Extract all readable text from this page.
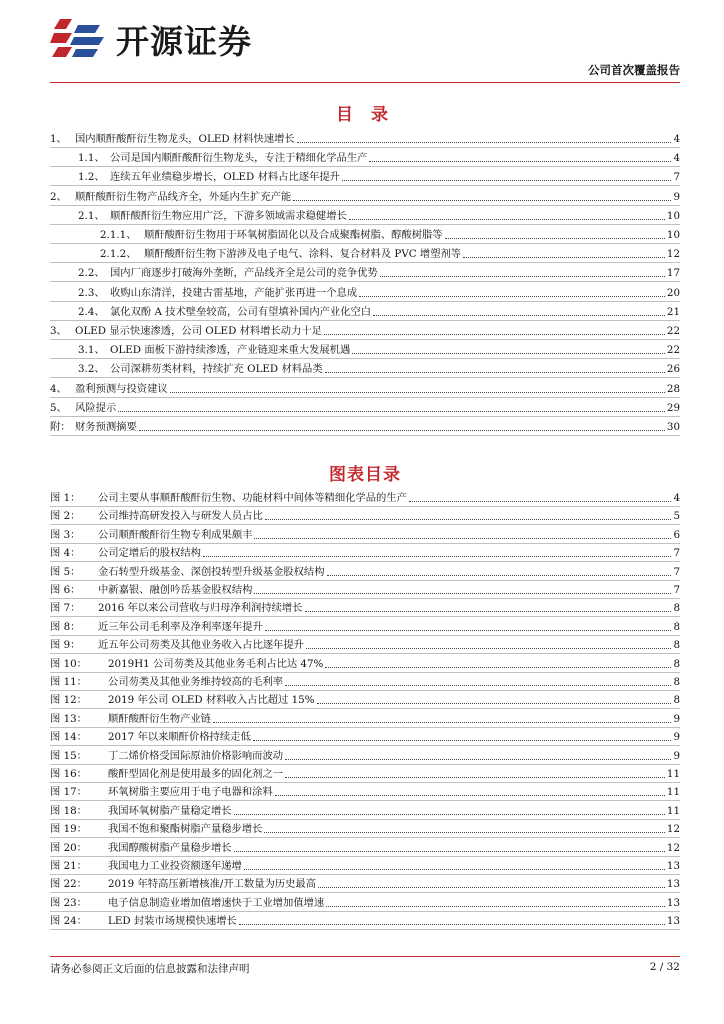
开源证券
公司首次覆盖报告
目 录
1、 国内顺酐酸酐衍生物龙头，OLED 材料快速增长	4
1.1、 公司是国内顺酐酸酐衍生物龙头，专注于精细化学品生产	4
1.2、 连续五年业绩稳步增长，OLED 材料占比逐年提升	7
2、 顺酐酸酐衍生物产品线齐全，外延内生扩充产能	9
2.1、 顺酐酸酐衍生物应用广泛，下游多领域需求稳健增长	10
2.1.1、 顺酐酸酐衍生物用于环氧树脂固化以及合成聚酯树脂、醇酸树脂等	10
2.1.2、 顺酐酸酐衍生物下游涉及电子电气、涂料、复合材料及 PVC 增塑剂等	12
2.2、 国内厂商逐步打破海外垄断，产品线齐全是公司的竞争优势	17
2.3、 收购山东清洋，投建古雷基地，产能扩张再进一个息成	20
2.4、 氯化双酚 A 技术壁垒较高，公司有望填补国内产业化空白	21
3、 OLED 显示快速渗透，公司 OLED 材料增长动力十足	22
3.1、 OLED 面板下游持续渗透，产业链迎来重大发展机遇	22
3.2、 公司深耕芴类材料，持续扩充 OLED 材料品类	26
4、 盈利预测与投资建议	28
5、 风险提示	29
附： 财务预测摘要	30
图表目录
图 1：	公司主要从事顺酐酸酐衍生物、功能材料中间体等精细化学品的生产	4
图 2：	公司维持高研发投入与研发人员占比	5
图 3：	公司顺酐酸酐衍生物专利成果颇丰	6
图 4：	公司定增后的股权结构	7
图 5：	金石转型升级基金、深创投转型升级基金股权结构	7
图 6：	中新嘉银、融创吟岳基金股权结构	7
图 7：	2016 年以来公司营收与归母净利润持续增长	8
图 8：	近三年公司毛利率及净利率逐年提升	8
图 9：	近五年公司芴类及其他业务收入占比逐年提升	8
图 10：	2019H1 公司芴类及其他业务毛利占比达 47%	8
图 11：	公司芴类及其他业务维持较高的毛利率	8
图 12：	2019 年公司 OLED 材料收入占比超过 15%	8
图 13：	顺酐酸酐衍生物产业链	9
图 14：	2017 年以来顺酐价格持续走低	9
图 15：	丁二烯价格受国际原油价格影响而波动	9
图 16：	酸酐型固化剂是使用最多的固化剂之一	11
图 17：	环氧树脂主要应用于电子电器和涂料	11
图 18：	我国环氧树脂产量稳定增长	11
图 19：	我国不饱和聚酯树脂产量稳步增长	12
图 20：	我国醇酸树脂产量稳步增长	12
图 21：	我国电力工业投资额逐年递增	13
图 22：	2019 年特高压新增核准/开工数量为历史最高	13
图 23：	电子信息制造业增加值增速快于工业增加值增速	13
图 24：	LED 封装市场规模快速增长	13
请务必参阅正文后面的信息披露和法律声明	2 / 32
